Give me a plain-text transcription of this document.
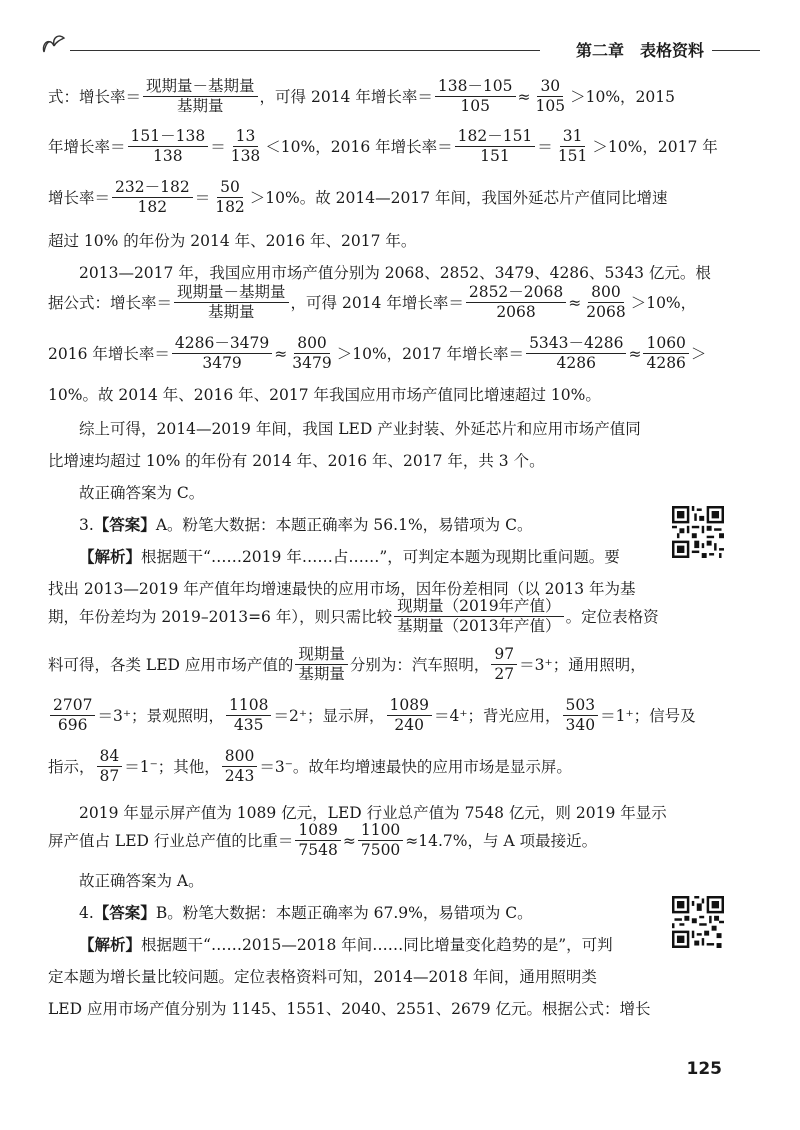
第二章 表格资料
式：增长率＝ $\frac{\text{现期量－基期量}}{\text{基期量}}$ ，可得 2014 年增长率＝ $\frac{138-105}{105} \approx \frac{30}{105} >10\%$，2015
年增长率＝ $\frac{151-138}{138} = \frac{13}{138} <10\%$，2016 年增长率＝ $\frac{182-151}{151} = \frac{31}{151} >10\%$，2017 年
增长率＝ $\frac{232-182}{182} = \frac{50}{182} >10\%$。故 2014—2017 年间，我国外延芯片产值同比增速
超过 10% 的年份为 2014 年、2016 年、2017 年。
2013—2017 年，我国应用市场产值分别为 2068、2852、3479、4286、5343 亿元。根
据公式：增长率＝ $\frac{\text{现期量－基期量}}{\text{基期量}}$ ，可得 2014 年增长率＝ $\frac{2852-2068}{2068} \approx \frac{800}{2068} >10\%$，
2016 年增长率＝ $\frac{4286-3479}{3479} \approx \frac{800}{3479} >10\%$，2017 年增长率＝ $\frac{5343-4286}{4286} \approx \frac{1060}{4286}$ ＞
10%。故 2014 年、2016 年、2017 年我国应用市场产值同比增速超过 10%。
综上可得，2014—2019 年间，我国 LED 产业封装、外延芯片和应用市场产值同
比增速均超过 10% 的年份有 2014 年、2016 年、2017 年，共 3 个。
故正确答案为 C。
3. 【答案】 A。粉笔大数据：本题正确率为 56.1%，易错项为 C。
【解析】 根据题干“……2019 年……占……”，可判定本题为现期比重问题。要
找出 2013—2019 年产值年均增速最快的应用市场，因年份差相同（以 2013 年为基
期，年份差均为 2019–2013=6 年），则只需比较 $\frac{\text{现期量（2019年产值）}}{\text{基期量（2013年产值）}}$ 。定位表格资
料可得，各类 LED 应用市场产值的 $\frac{\text{现期量}}{\text{基期量}}$ 分别为：汽车照明， $\frac{97}{27} =3^+$；通用照明，
$\frac{2707}{696} =3^+$；景观照明， $\frac{1108}{435} =2^+$；显示屏， $\frac{1089}{240} =4^+$；背光应用， $\frac{503}{340} =1^+$；信号及
指示， $\frac{84}{87} =1^-$；其他， $\frac{800}{243} =3^-$。故年均增速最快的应用市场是显示屏。
2019 年显示屏产值为 1089 亿元，LED 行业总产值为 7548 亿元，则 2019 年显示
屏产值占 LED 行业总产值的比重＝ $\frac{1089}{7548} \approx \frac{1100}{7500} \approx 14.7\%$，与 A 项最接近。
故正确答案为 A。
4. 【答案】 B。粉笔大数据：本题正确率为 67.9%，易错项为 C。
【解析】 根据题干“……2015—2018 年间……同比增量变化趋势的是”，可判
定本题为增长量比较问题。定位表格资料可知，2014—2018 年间，通用照明类
LED 应用市场产值分别为 1145、1551、2040、2551、2679 亿元。根据公式：增长
125
